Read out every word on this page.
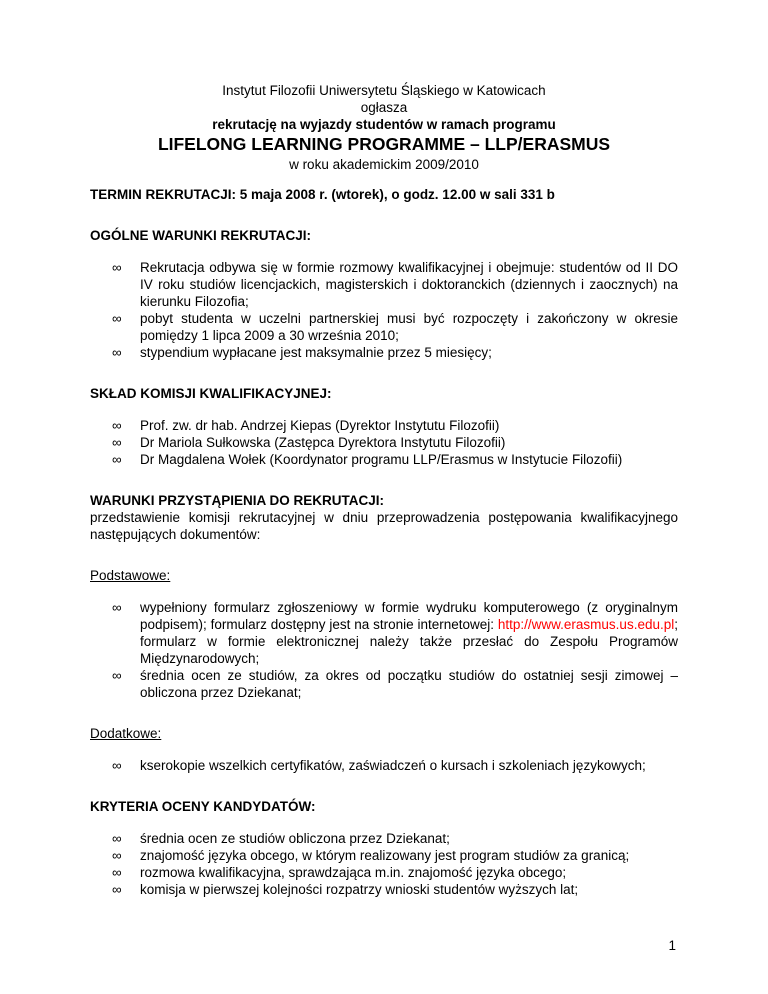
Instytut Filozofii Uniwersytetu Śląskiego w Katowicach
ogłasza
rekrutację na wyjazdy studentów w ramach programu
LIFELONG LEARNING PROGRAMME – LLP/ERASMUS
w roku akademickim 2009/2010
TERMIN REKRUTACJI: 5 maja 2008 r. (wtorek), o godz. 12.00 w sali 331 b
OGÓLNE WARUNKI REKRUTACJI:
∞	Rekrutacja odbywa się w formie rozmowy kwalifikacyjnej i obejmuje: studentów od II DO IV roku studiów licencjackich, magisterskich i doktoranckich (dziennych i zaocznych) na kierunku Filozofia;
∞	pobyt studenta w uczelni partnerskiej musi być rozpoczęty i zakończony w okresie pomiędzy 1 lipca 2009 a 30 września 2010;
∞	stypendium wypłacane jest maksymalnie przez 5 miesięcy;
SKŁAD KOMISJI KWALIFIKACYJNEJ:
∞	Prof. zw. dr hab. Andrzej Kiepas (Dyrektor Instytutu Filozofii)
∞	Dr Mariola Sułkowska (Zastępca Dyrektora Instytutu Filozofii)
∞	Dr Magdalena Wołek (Koordynator programu LLP/Erasmus w Instytucie Filozofii)
WARUNKI PRZYSTĄPIENIA DO REKRUTACJI:
przedstawienie komisji rekrutacyjnej w dniu przeprowadzenia postępowania kwalifikacyjnego następujących dokumentów:
Podstawowe:
∞	wypełniony formularz zgłoszeniowy w formie wydruku komputerowego (z oryginalnym podpisem); formularz dostępny jest na stronie internetowej: http://www.erasmus.us.edu.pl; formularz w formie elektronicznej należy także przesłać do Zespołu Programów Międzynarodowych;
∞	średnia ocen ze studiów, za okres od początku studiów do ostatniej sesji zimowej – obliczona przez Dziekanat;
Dodatkowe:
∞	kserokopie wszelkich certyfikatów, zaświadczeń o kursach i szkoleniach językowych;
KRYTERIA OCENY KANDYDATÓW:
∞	średnia ocen ze studiów obliczona przez Dziekanat;
∞	znajomość języka obcego, w którym realizowany jest program studiów za granicą;
∞	rozmowa kwalifikacyjna, sprawdzająca m.in. znajomość języka obcego;
∞	komisja w pierwszej kolejności rozpatrzy wnioski studentów wyższych lat;
1
